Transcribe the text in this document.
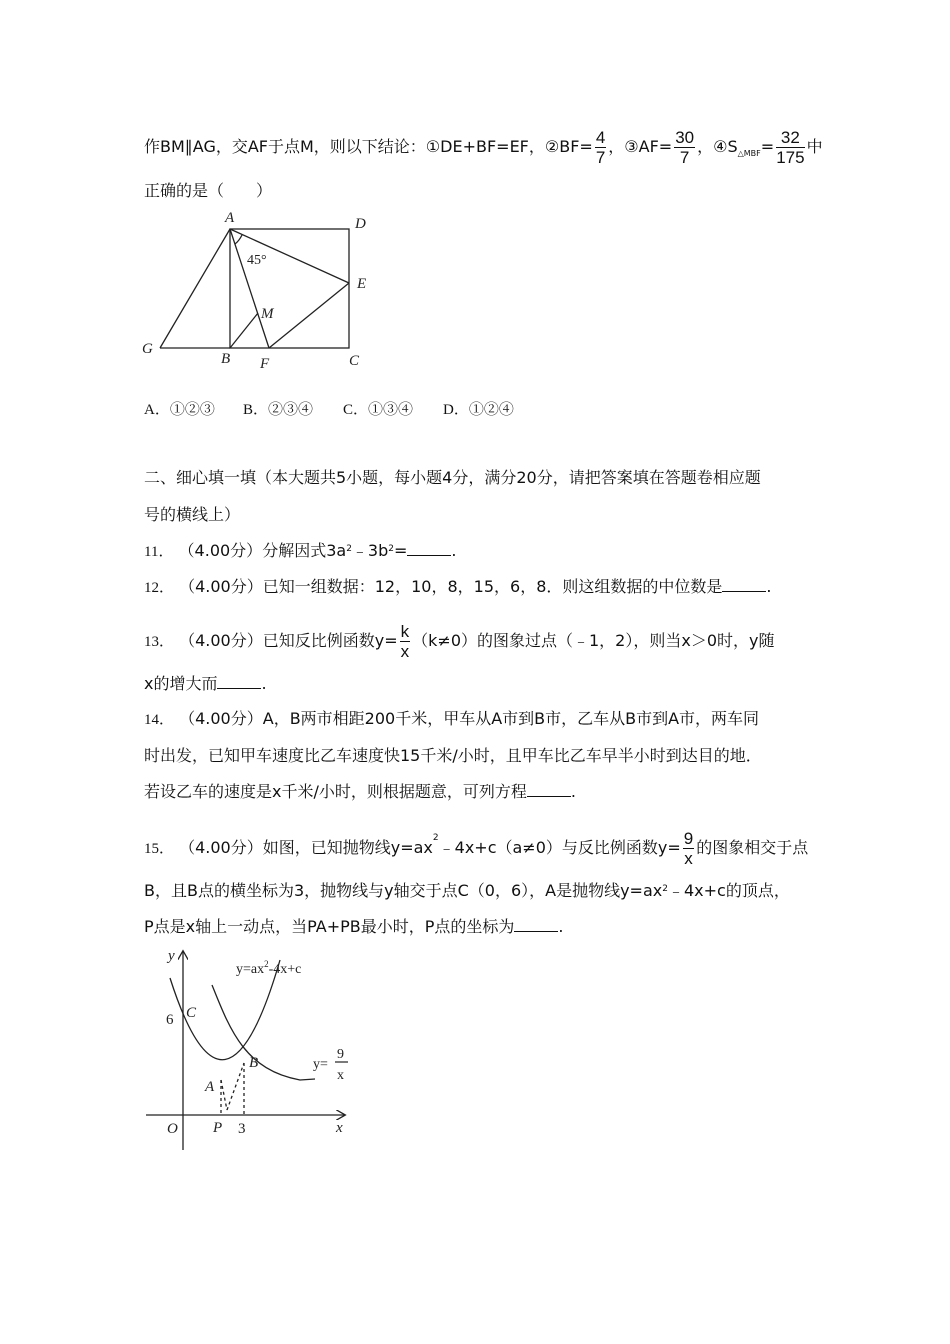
作BM∥AG，交AF于点M，则以下结论：①DE+BF=EF，②BF= $\frac{4}{7}$ ，③AF= $\frac{30}{7}$ ，$④S_{\triangle MBF}= \frac{32}{175}$ 中
正确的是（　　）
A	D
E
M
G
B F	C
45°
A．①②③ B．②③④ C．①③④ D．①②④
二、细心填一填（本大题共5小题，每小题4分，满分20分，请把答案填在答题卷相应题
号的横线上）
11． （4.00分）分解因式$3a^2﹣3b^2=$	.
12． （4.00分）已知一组数据：12，10，8，15，6，8．则这组数据的中位数是	.
13． （4.00分）已知反比例函数$y= \frac{k}{x} (k\ne 0)$的图象过点（﹣1，2），则当x＞0时，y随
x的增大而	.
14． （4.00分）A，B两市相距200千米，甲车从A市到B市，乙车从B市到A市，两车同
时出发，已知甲车速度比乙车速度快15千米/小时，且甲车比乙车早半小时到达目的地．
若设乙车的速度是x千米/小时，则根据题意，可列方程	.
15． （4.00分）如图，已知抛物线$y=ax^2﹣4x+c(a\ne 0)$与反比例函数$y= \frac{9}{x}$ 的图象相交于点
B，且B点的横坐标为3，抛物线与y轴交于点C（0，6），A是抛物线$y=ax^2﹣4x+c$的顶点，
P点是x轴上一动点，当PA+PB最小时，P点的坐标为	.
y
x
O
6 C
A
B
P 3
$y=ax^2-4x+c$
y=
9
x
